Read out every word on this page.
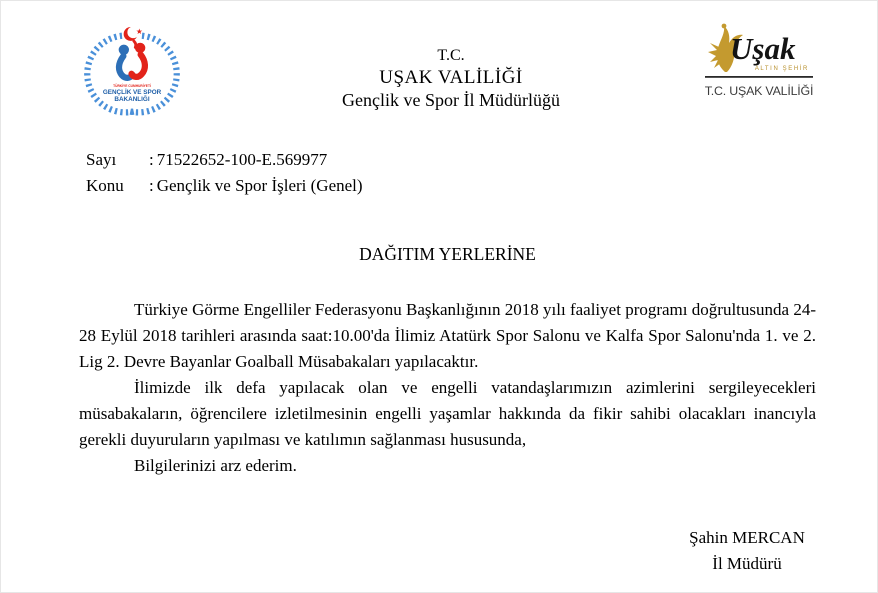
★
TÜRKİYE CUMHURİYETİ
GENÇLİK VE SPOR
BAKANLIĞI
T.C.
UŞAK VALİLİĞİ
Gençlik ve Spor İl Müdürlüğü
Uşak
ALTIN ŞEHİR
T.C. UŞAK VALİLİĞİ
Sayı : 71522652-100-E.569977
Konu : Gençlik ve Spor İşleri (Genel)
DAĞITIM YERLERİNE

Türkiye Görme Engelliler Federasyonu Başkanlığının 2018 yılı faaliyet programı doğrultusunda 24-28 Eylül 2018 tarihleri arasında saat:10.00'da İlimiz Atatürk Spor Salonu ve Kalfa Spor Salonu'nda 1. ve 2. Lig 2. Devre Bayanlar Goalball Müsabakaları yapılacaktır.

İlimizde ilk defa yapılacak olan ve engelli vatandaşlarımızın azimlerini sergileyecekleri müsabakaların, öğrencilere izletilmesinin engelli yaşamlar hakkında da fikir sahibi olacakları inancıyla gerekli duyuruların yapılması ve katılımın sağlanması hususunda,

Bilgilerinizi arz ederim.

Şahin MERCAN
İl Müdürü
